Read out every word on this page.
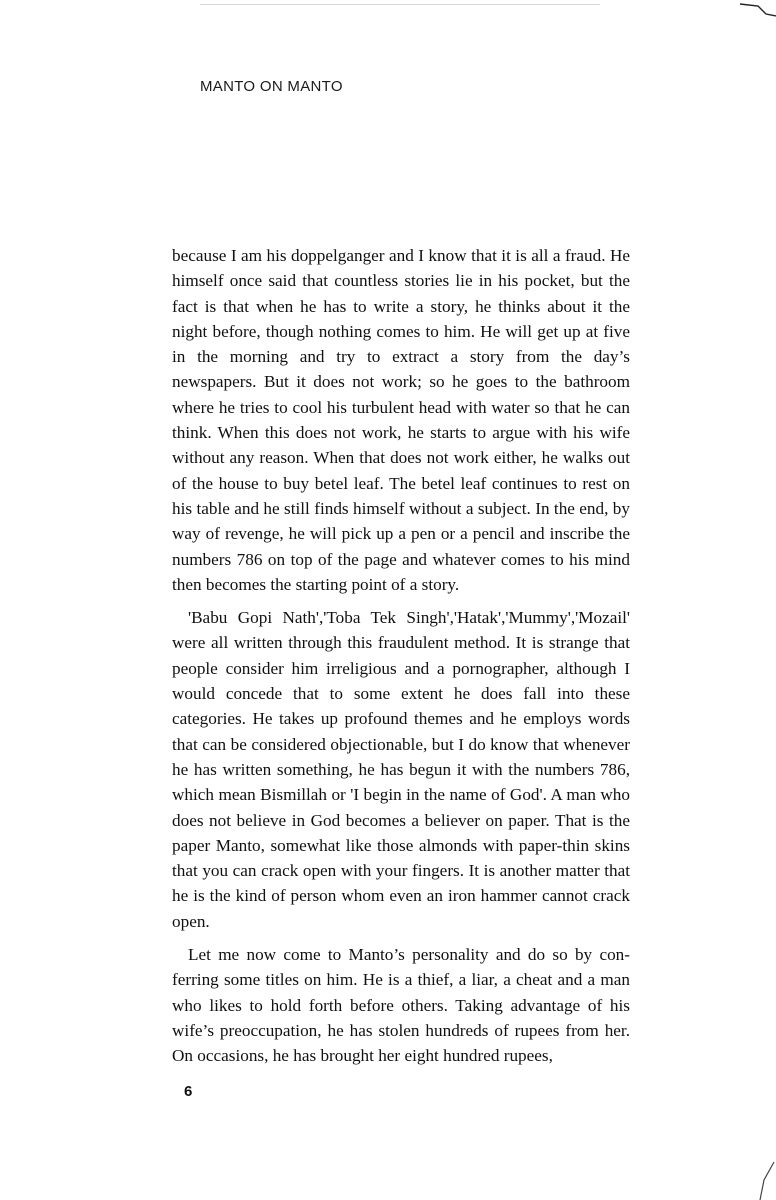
MANTO ON MANTO

because I am his doppelganger and I know that it is all a fraud. He himself once said that countless stories lie in his pocket, but the fact is that when he has to write a story, he thinks about it the night before, though nothing comes to him. He will get up at five in the morning and try to extract a story from the day’s newspapers. But it does not work; so he goes to the bathroom where he tries to cool his turbulent head with water so that he can think. When this does not work, he starts to argue with his wife without any reason. When that does not work either, he walks out of the house to buy betel leaf. The betel leaf continues to rest on his table and he still finds himself without a subject. In the end, by way of revenge, he will pick up a pen or a pencil and inscribe the numbers 786 on top of the page and whatever comes to his mind then becomes the starting point of a story.

'Babu Gopi Nath','Toba Tek Singh','Hatak','Mummy','Mozail' were all written through this fraudulent method. It is strange that people consider him irreligious and a pornographer, although I would concede that to some extent he does fall into these categories. He takes up profound themes and he employs words that can be considered objectionable, but I do know that whenever he has written something, he has begun it with the numbers 786, which mean Bismillah or 'I begin in the name of God'. A man who does not believe in God becomes a believer on paper. That is the paper Manto, somewhat like those almonds with paper-thin skins that you can crack open with your fingers. It is another matter that he is the kind of person whom even an iron hammer cannot crack open.

Let me now come to Manto’s personality and do so by conferring some titles on him. He is a thief, a liar, a cheat and a man who likes to hold forth before others. Taking advantage of his wife’s preoccupation, he has stolen hundreds of rupees from her. On occasions, he has brought her eight hundred rupees,

6
